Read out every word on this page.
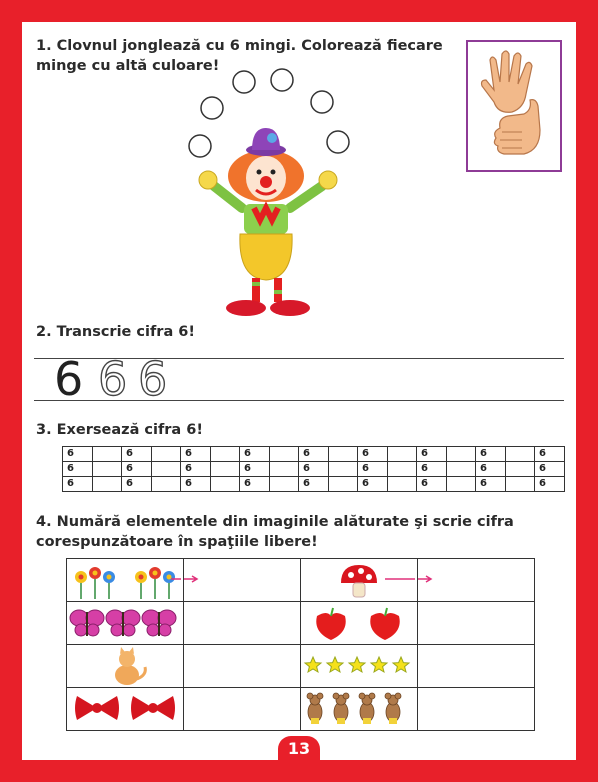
1. Clovnul jonglează cu 6 mingi. Colorează fiecare minge cu altă culoare!

2. Transcrie cifra 6!

6 6 6

3. Exersează cifra 6!

6		6		6		6		6		6		6		6		6
6		6		6		6		6		6		6		6		6
6		6		6		6		6		6		6		6		6

4. Numără elementele din imaginile alăturate şi scrie cifra corespunzătoare în spaţiile libere!

13
